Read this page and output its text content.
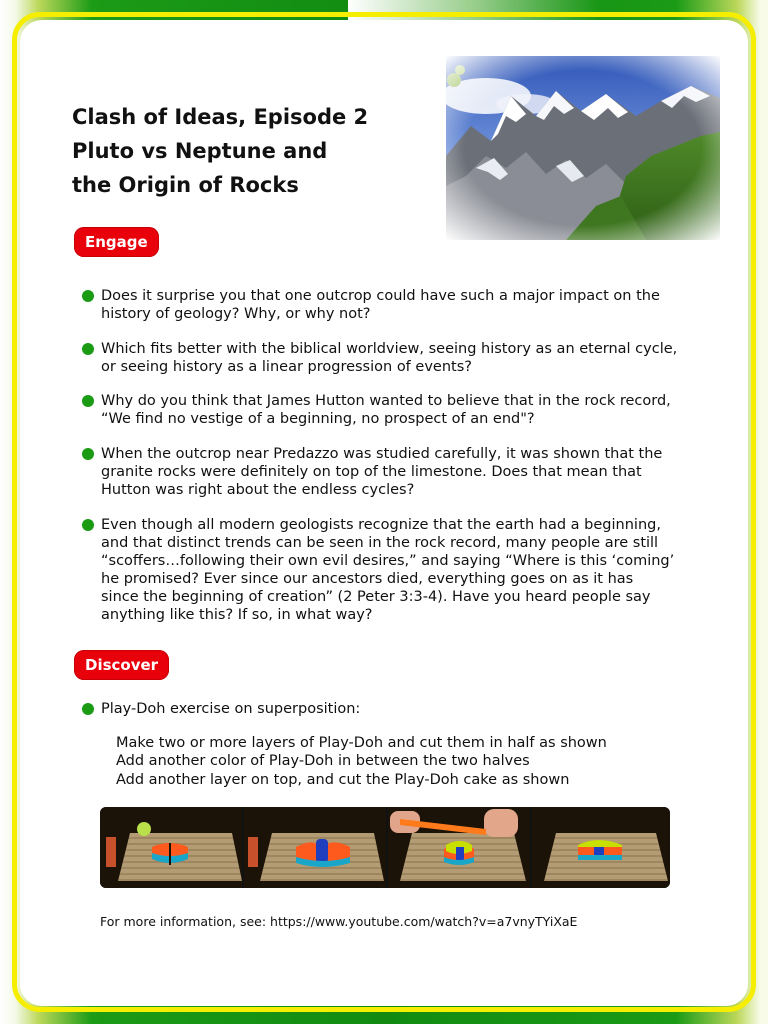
Clash of Ideas, Episode 2
Pluto vs Neptune and
the Origin of Rocks
Engage
Does it surprise you that one outcrop could have such a major impact on the
history of geology? Why, or why not?
Which fits better with the biblical worldview, seeing history as an eternal cycle,
or seeing history as a linear progression of events?
Why do you think that James Hutton wanted to believe that in the rock record,
“We find no vestige of a beginning, no prospect of an end"?
When the outcrop near Predazzo was studied carefully, it was shown that the
granite rocks were definitely on top of the limestone. Does that mean that
Hutton was right about the endless cycles?
Even though all modern geologists recognize that the earth had a beginning,
and that distinct trends can be seen in the rock record, many people are still
“scoffers…following their own evil desires,” and saying “Where is this ‘coming’
he promised? Ever since our ancestors died, everything goes on as it has
since the beginning of creation” (2 Peter 3:3-4). Have you heard people say
anything like this? If so, in what way?
Discover
Play-Doh exercise on superposition:
Make two or more layers of Play-Doh and cut them in half as shown
Add another color of Play-Doh in between the two halves
Add another layer on top, and cut the Play-Doh cake as shown
For more information, see: https://www.youtube.com/watch?v=a7vnyTYiXaE
